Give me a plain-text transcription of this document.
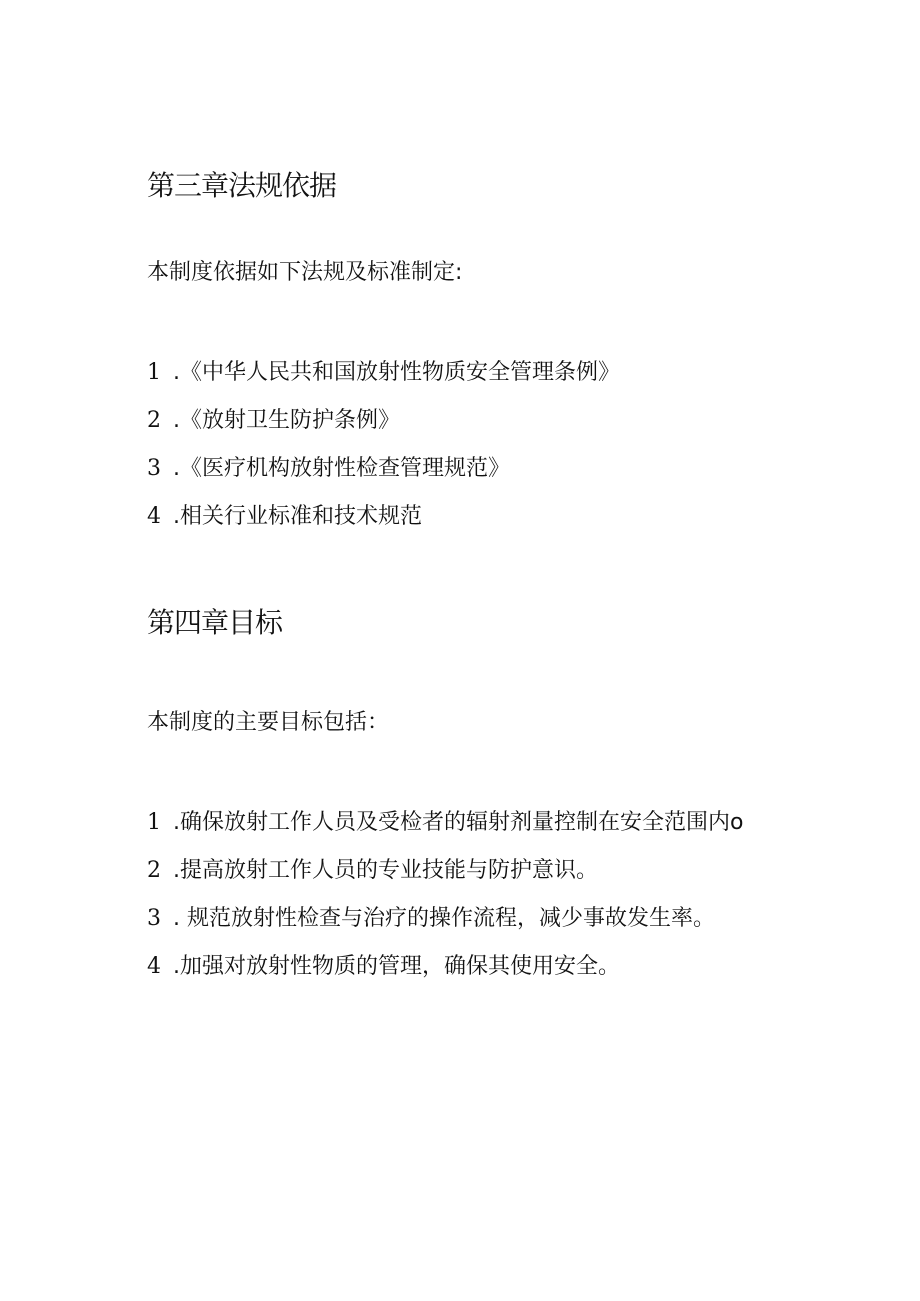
第三章法规依据

本制度依据如下法规及标准制定:

1 .《中华人民共和国放射性物质安全管理条例》
2 .《放射卫生防护条例》
3 .《医疗机构放射性检查管理规范》
4 .相关行业标准和技术规范
第四章目标

本制度的主要目标包括：

1 .确保放射工作人员及受检者的辐射剂量控制在安全范围内o
2 .提高放射工作人员的专业技能与防护意识。
3 . 规范放射性检查与治疗的操作流程，减少事故发生率。
4 .加强对放射性物质的管理，确保其使用安全。
